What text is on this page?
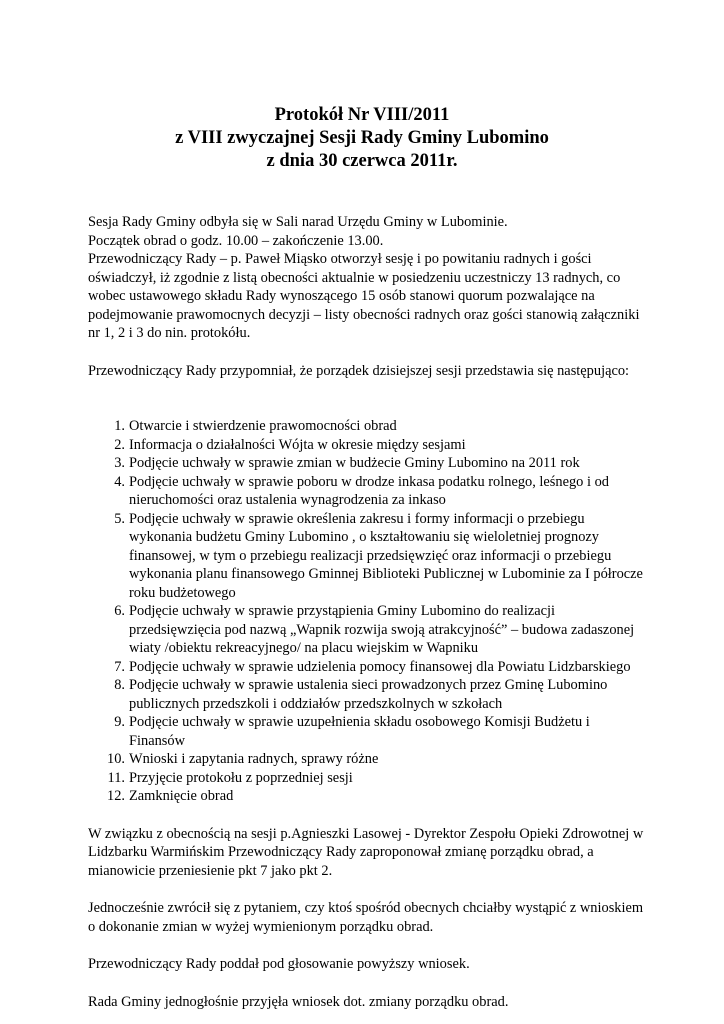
Protokół Nr VIII/2011
z VIII zwyczajnej Sesji Rady Gminy Lubomino
z dnia 30 czerwca 2011r.

Sesja Rady Gminy odbyła się w Sali narad Urzędu Gminy w Lubominie.

Początek obrad o godz. 10.00 – zakończenie 13.00.

Przewodniczący Rady – p. Paweł Miąsko otworzył sesję i po powitaniu radnych i gości

oświadczył, iż zgodnie z listą obecności aktualnie w posiedzeniu uczestniczy 13 radnych, co

wobec ustawowego składu Rady wynoszącego 15 osób stanowi quorum pozwalające na

podejmowanie prawomocnych decyzji – listy obecności radnych oraz gości stanowią załączniki

nr 1, 2 i 3 do nin. protokółu.

Przewodniczący Rady przypomniał, że porządek dzisiejszej sesji przedstawia się następująco:

1. Otwarcie i stwierdzenie prawomocności obrad
2. Informacja o działalności Wójta w okresie między sesjami
3. Podjęcie uchwały w sprawie zmian w budżecie Gminy Lubomino na 2011 rok
4. Podjęcie uchwały w sprawie poboru w drodze inkasa podatku rolnego, leśnego i od
nieruchomości oraz ustalenia wynagrodzenia za inkaso
5. Podjęcie uchwały w sprawie określenia zakresu i formy informacji o przebiegu
wykonania budżetu Gminy Lubomino , o kształtowaniu się wieloletniej prognozy
finansowej, w tym o przebiegu realizacji przedsięwzięć oraz informacji o przebiegu
wykonania planu finansowego Gminnej Biblioteki Publicznej w Lubominie za I półrocze
roku budżetowego
6. Podjęcie uchwały w sprawie przystąpienia Gminy Lubomino do realizacji
przedsięwzięcia pod nazwą „Wapnik rozwija swoją atrakcyjność” – budowa zadaszonej
wiaty /obiektu rekreacyjnego/ na placu wiejskim w Wapniku
7. Podjęcie uchwały w sprawie udzielenia pomocy finansowej dla Powiatu Lidzbarskiego
8. Podjęcie uchwały w sprawie ustalenia sieci prowadzonych przez Gminę Lubomino
publicznych przedszkoli i oddziałów przedszkolnych w szkołach
9. Podjęcie uchwały w sprawie uzupełnienia składu osobowego Komisji Budżetu i
Finansów
10. Wnioski i zapytania radnych, sprawy różne
11. Przyjęcie protokołu z poprzedniej sesji
12. Zamknięcie obrad

W związku z obecnością na sesji p.Agnieszki Lasowej - Dyrektor Zespołu Opieki Zdrowotnej w

Lidzbarku Warmińskim Przewodniczący Rady zaproponował zmianę porządku obrad, a

mianowicie przeniesienie pkt 7 jako pkt 2.

Jednocześnie zwrócił się z pytaniem, czy ktoś spośród obecnych chciałby wystąpić z wnioskiem

o dokonanie zmian w wyżej wymienionym porządku obrad.

Przewodniczący Rady poddał pod głosowanie powyższy wniosek.

Rada Gminy jednogłośnie przyjęła wniosek dot. zmiany porządku obrad.
